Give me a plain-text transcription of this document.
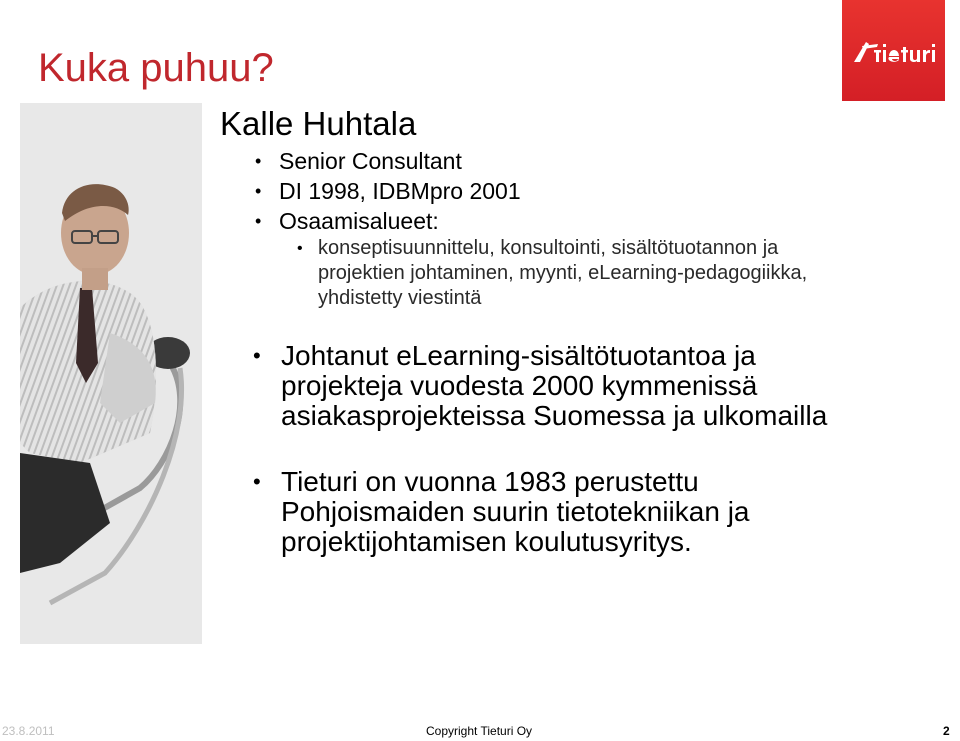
Kuka puhuu?
Kalle Huhtala
• Senior Consultant
• DI 1998, IDBMpro 2001
• Osaamisalueet:
• konseptisuunnittelu, konsultointi, sisältötuotannon ja projektien johtaminen, myynti, eLearning-pedagogiikka, yhdistetty viestintä
• Johtanut eLearning-sisältötuotantoa ja projekteja vuodesta 2000 kymmenissä asiakasprojekteissa Suomessa ja ulkomailla
• Tieturi on vuonna 1983 perustettu Pohjoismaiden suurin tietotekniikan ja projektijohtamisen koulutusyritys.
23.8.2011	Copyright Tieturi Oy	2
